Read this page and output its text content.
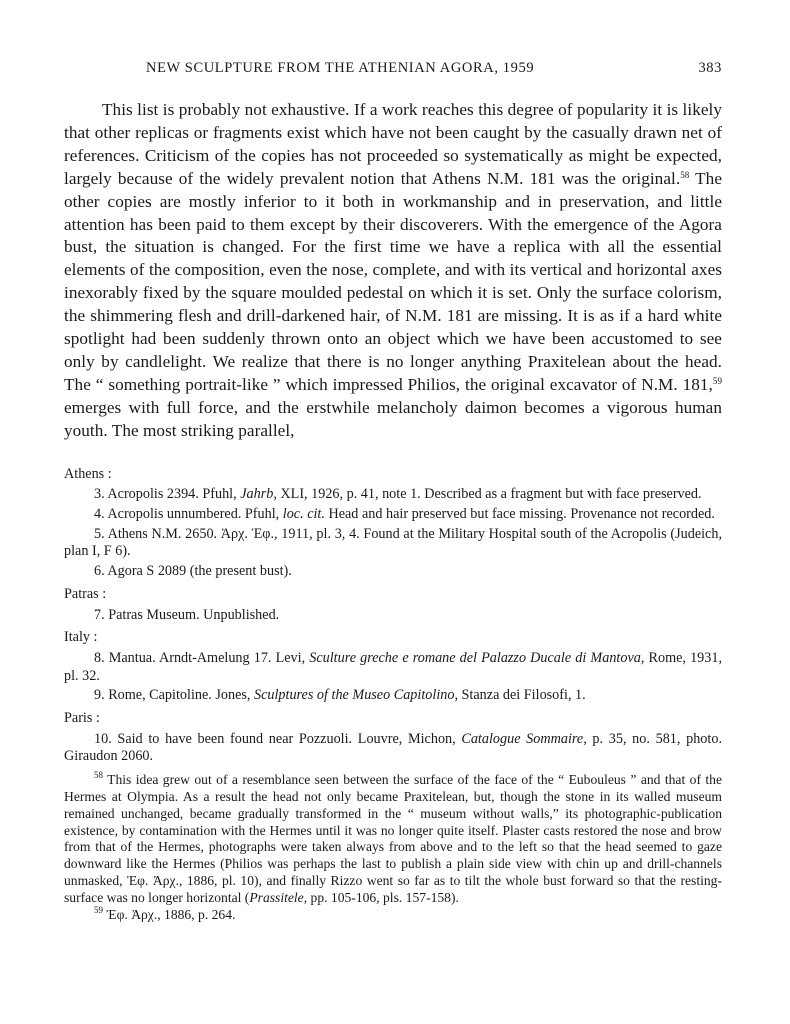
NEW SCULPTURE FROM THE ATHENIAN AGORA, 1959	383

This list is probably not exhaustive. If a work reaches this degree of popularity it is likely that other replicas or fragments exist which have not been caught by the casually drawn net of references. Criticism of the copies has not proceeded so systematically as might be expected, largely because of the widely prevalent notion that Athens N.M. 181 was the original.$^{58}$ The other copies are mostly inferior to it both in workmanship and in preservation, and little attention has been paid to them except by their discoverers. With the emergence of the Agora bust, the situation is changed. For the first time we have a replica with all the essential elements of the composition, even the nose, complete, and with its vertical and horizontal axes inexorably fixed by the square moulded pedestal on which it is set. Only the surface colorism, the shimmering flesh and drill-darkened hair, of N.M. 181 are missing. It is as if a hard white spotlight had been suddenly thrown onto an object which we have been accustomed to see only by candlelight. We realize that there is no longer anything Praxitelean about the head. The “ something portrait-like ” which impressed Philios, the original excavator of N.M. 181,59 emerges with full force, and the erstwhile melancholy daimon becomes a vigorous human youth. The most striking parallel,

Athens :

3. Acropolis 2394. Pfuhl, Jahrb, XLI, 1926, p. 41, note 1. Described as a fragment but with face preserved.

4. Acropolis unnumbered. Pfuhl, loc. cit. Head and hair preserved but face missing. Provenance not recorded.

5. Athens N.M. 2650. Ἀρχ. Ἐφ., 1911, pl. 3, 4. Found at the Military Hospital south of the Acropolis (Judeich, plan I, F 6).

6. Agora S 2089 (the present bust).

Patras :

7. Patras Museum. Unpublished.

Italy :

8. Mantua. Arndt-Amelung 17. Levi, Sculture greche e romane del Palazzo Ducale di Mantova, Rome, 1931, pl. 32.

9. Rome, Capitoline. Jones, Sculptures of the Museo Capitolino, Stanza dei Filosofi, 1.

Paris :

10. Said to have been found near Pozzuoli. Louvre, Michon, Catalogue Sommaire, p. 35, no. 581, photo. Giraudon 2060.

$^{58}$ This idea grew out of a resemblance seen between the surface of the face of the “ Eubouleus ” and that of the Hermes at Olympia. As a result the head not only became Praxitelean, but, though the stone in its walled museum remained unchanged, became gradually transformed in the “ museum without walls,” its photographic-publication existence, by contamination with the Hermes until it was no longer quite itself. Plaster casts restored the nose and brow from that of the Hermes, photographs were taken always from above and to the left so that the head seemed to gaze downward like the Hermes (Philios was perhaps the last to publish a plain side view with chin up and drill-channels unmasked, Ἐφ. Ἀρχ., 1886, pl. 10), and finally Rizzo went so far as to tilt the whole bust forward so that the resting-surface was no longer horizontal (Prassitele, pp. 105-106, pls. 157-158).

$^{59}$ Ἐφ. Ἀρχ., 1886, p. 264.
